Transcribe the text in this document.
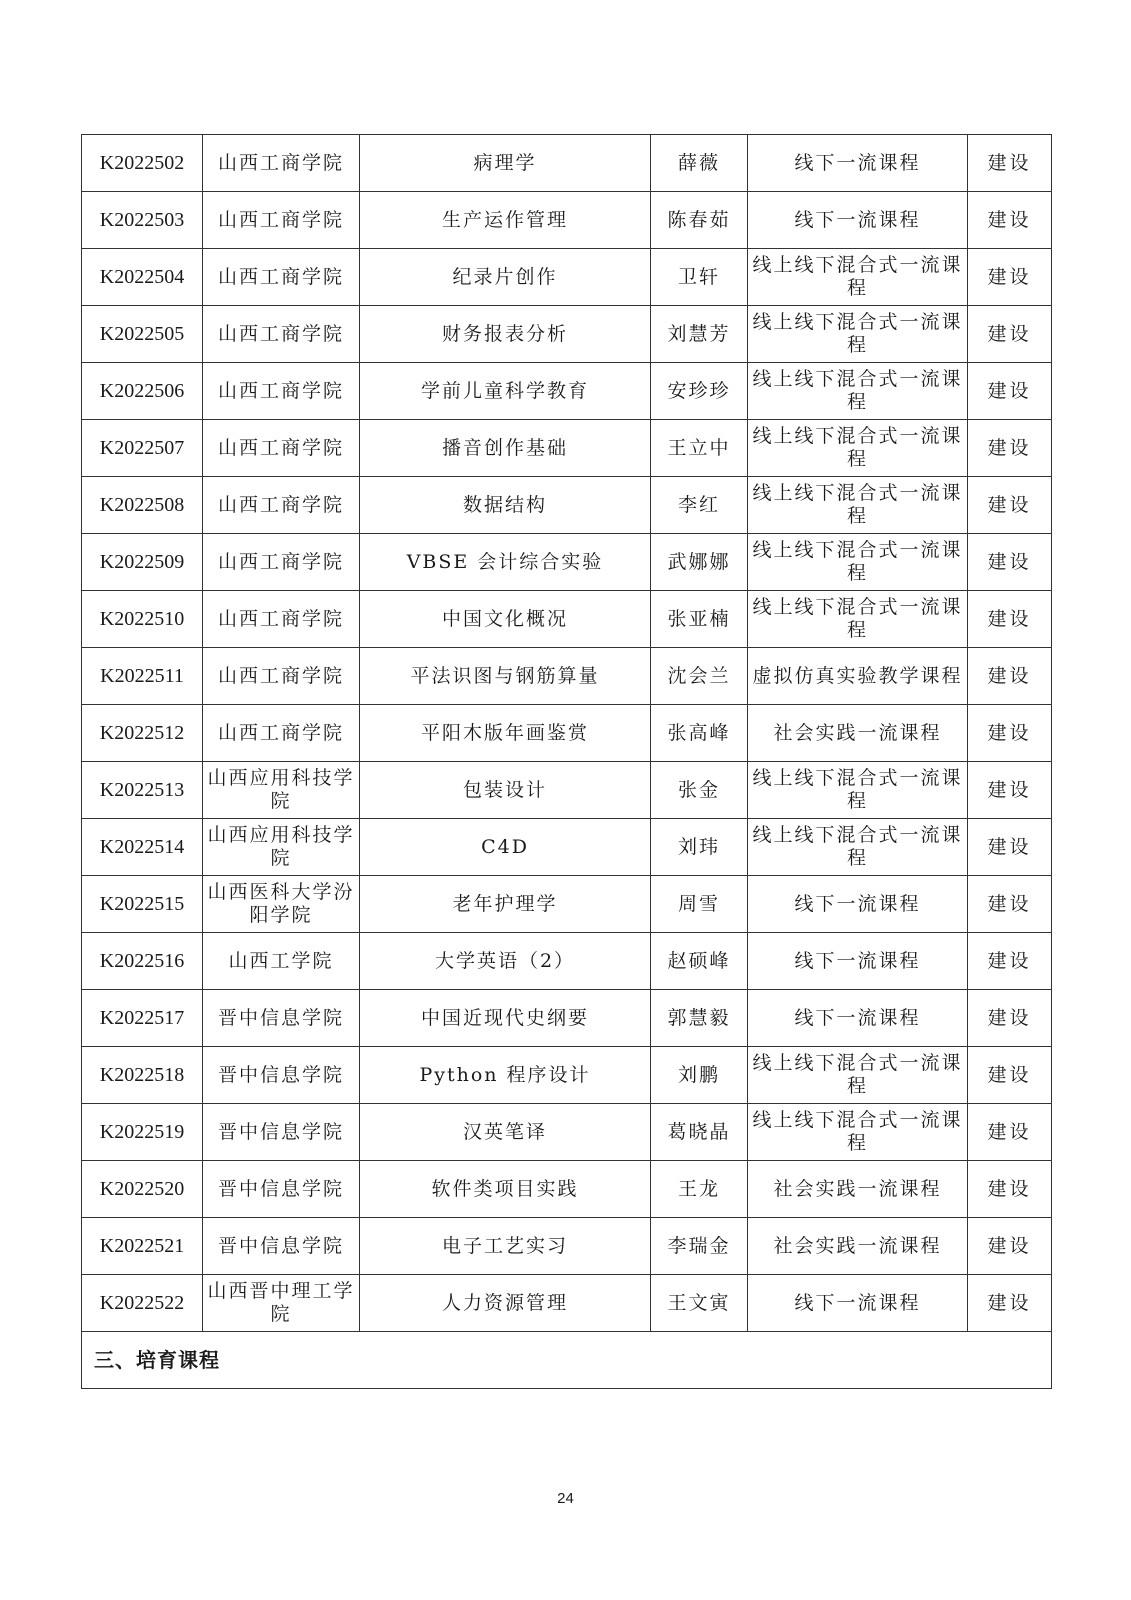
K2022502	山西工商学院	病理学	薛薇	线下一流课程	建设
K2022503	山西工商学院	生产运作管理	陈春茹	线下一流课程	建设
K2022504	山西工商学院	纪录片创作	卫轩	线上线下混合式一流课程	建设
K2022505	山西工商学院	财务报表分析	刘慧芳	线上线下混合式一流课程	建设
K2022506	山西工商学院	学前儿童科学教育	安珍珍	线上线下混合式一流课程	建设
K2022507	山西工商学院	播音创作基础	王立中	线上线下混合式一流课程	建设
K2022508	山西工商学院	数据结构	李红	线上线下混合式一流课程	建设
K2022509	山西工商学院	VBSE 会计综合实验	武娜娜	线上线下混合式一流课程	建设
K2022510	山西工商学院	中国文化概况	张亚楠	线上线下混合式一流课程	建设
K2022511	山西工商学院	平法识图与钢筋算量	沈会兰	虚拟仿真实验教学课程	建设
K2022512	山西工商学院	平阳木版年画鉴赏	张高峰	社会实践一流课程	建设
K2022513	山西应用科技学院	包装设计	张金	线上线下混合式一流课程	建设
K2022514	山西应用科技学院	C4D	刘玮	线上线下混合式一流课程	建设
K2022515	山西医科大学汾阳学院	老年护理学	周雪	线下一流课程	建设
K2022516	山西工学院	大学英语（2）	赵硕峰	线下一流课程	建设
K2022517	晋中信息学院	中国近现代史纲要	郭慧毅	线下一流课程	建设
K2022518	晋中信息学院	Python 程序设计	刘鹏	线上线下混合式一流课程	建设
K2022519	晋中信息学院	汉英笔译	葛晓晶	线上线下混合式一流课程	建设
K2022520	晋中信息学院	软件类项目实践	王龙	社会实践一流课程	建设
K2022521	晋中信息学院	电子工艺实习	李瑞金	社会实践一流课程	建设
K2022522	山西晋中理工学院	人力资源管理	王文寅	线下一流课程	建设
三、培育课程					
24
